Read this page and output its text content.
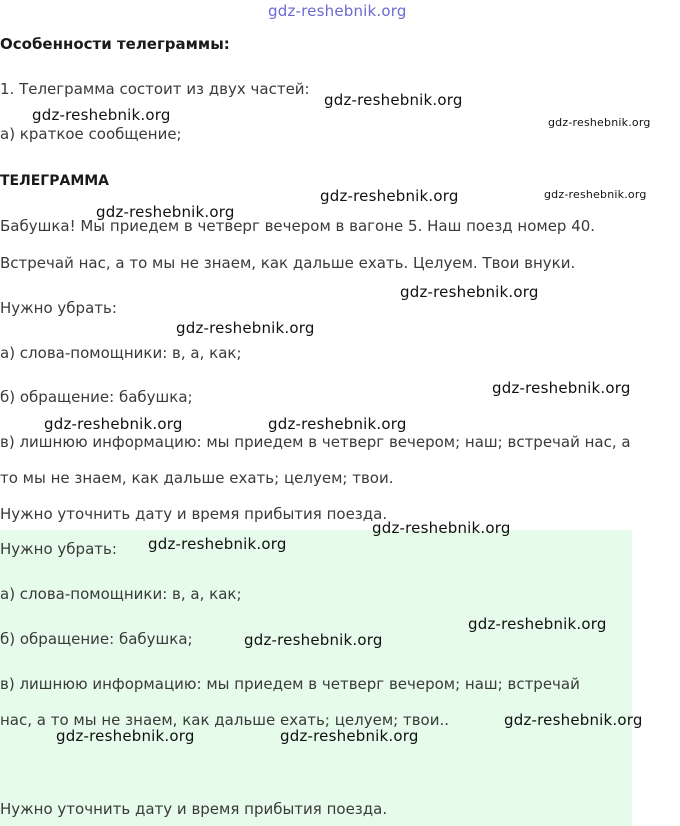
Особенности телеграммы:
1. Телеграмма состоит из двух частей:
а) краткое сообщение;
ТЕЛЕГРАММА
Бабушка! Мы приедем в четверг вечером в вагоне 5. Наш поезд номер 40.
Встречай нас, а то мы не знаем, как дальше ехать. Целуем. Твои внуки.
Нужно убрать:
а) слова-помощники: в, а, как;
б) обращение: бабушка;
в) лишнюю информацию: мы приедем в четверг вечером; наш; встречай нас, а
то мы не знаем, как дальше ехать; целуем; твои.
Нужно уточнить дату и время прибытия поезда.
Нужно убрать:
а) слова-помощники: в, а, как;
б) обращение: бабушка;
в) лишнюю информацию: мы приедем в четверг вечером; наш; встречай
нас, а то мы не знаем, как дальше ехать; целуем; твои..
Нужно уточнить дату и время прибытия поезда.
gdz-reshebnik.org
gdz-reshebnik.org
gdz-reshebnik.org	gdz-reshebnik.org
gdz-reshebnik.org	gdz-reshebnik.org
gdz-reshebnik.org
gdz-reshebnik.org
gdz-reshebnik.org
gdz-reshebnik.org
gdz-reshebnik.org	gdz-reshebnik.org
gdz-reshebnik.org
gdz-reshebnik.org
gdz-reshebnik.org
gdz-reshebnik.org
gdz-reshebnik.org
gdz-reshebnik.org	gdz-reshebnik.org
